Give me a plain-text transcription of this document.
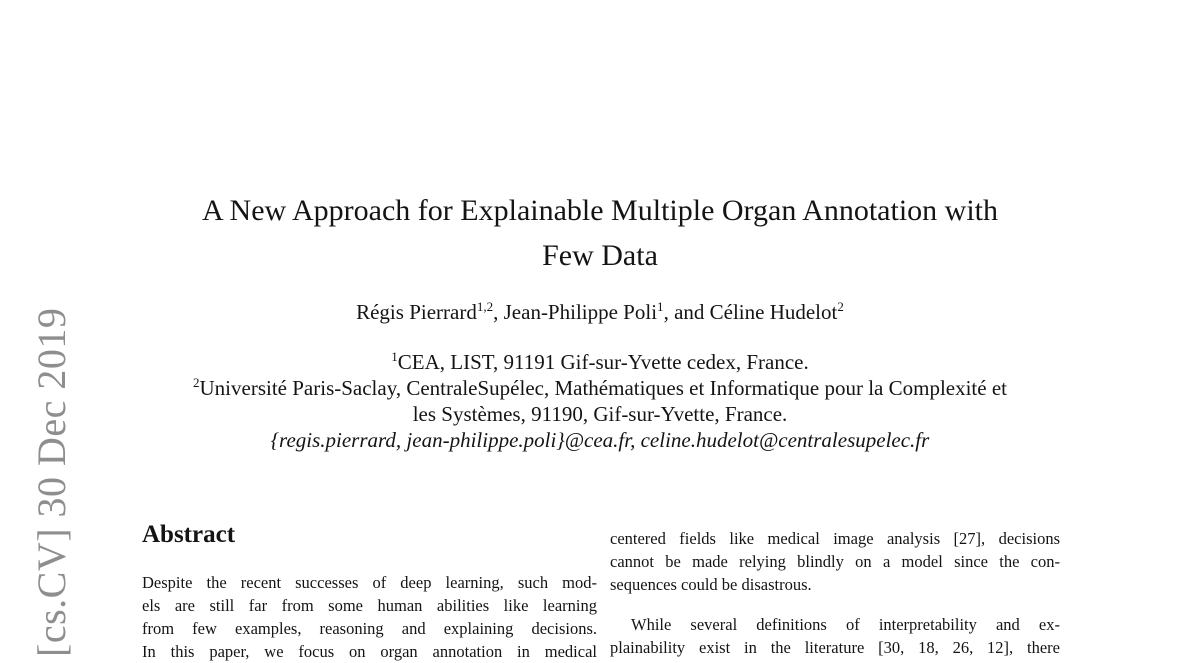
[cs.CV] 30 Dec 2019
A New Approach for Explainable Multiple Organ Annotation with
Few Data
Régis Pierrard$^{1,2}$, Jean-Philippe Poli$^1$, and Céline Hudelot$^2$
$^1$CEA, LIST, 91191 Gif-sur-Yvette cedex, France.
$^2$Université Paris-Saclay, CentraleSupélec, Mathématiques et Informatique pour la Complexité et
les Systèmes, 91190, Gif-sur-Yvette, France.
{regis.pierrard, jean-philippe.poli}@cea.fr, celine.hudelot@centralesupelec.fr
Abstract
Despite the recent successes of deep learning, such mod-
els are still far from some human abilities like learning
from few examples, reasoning and explaining decisions.
In this paper, we focus on organ annotation in medical
centered fields like medical image analysis [27], decisions
cannot be made relying blindly on a model since the con-
sequences could be disastrous.
While several definitions of interpretability and ex-
plainability exist in the literature [30, 18, 26, 12], there
